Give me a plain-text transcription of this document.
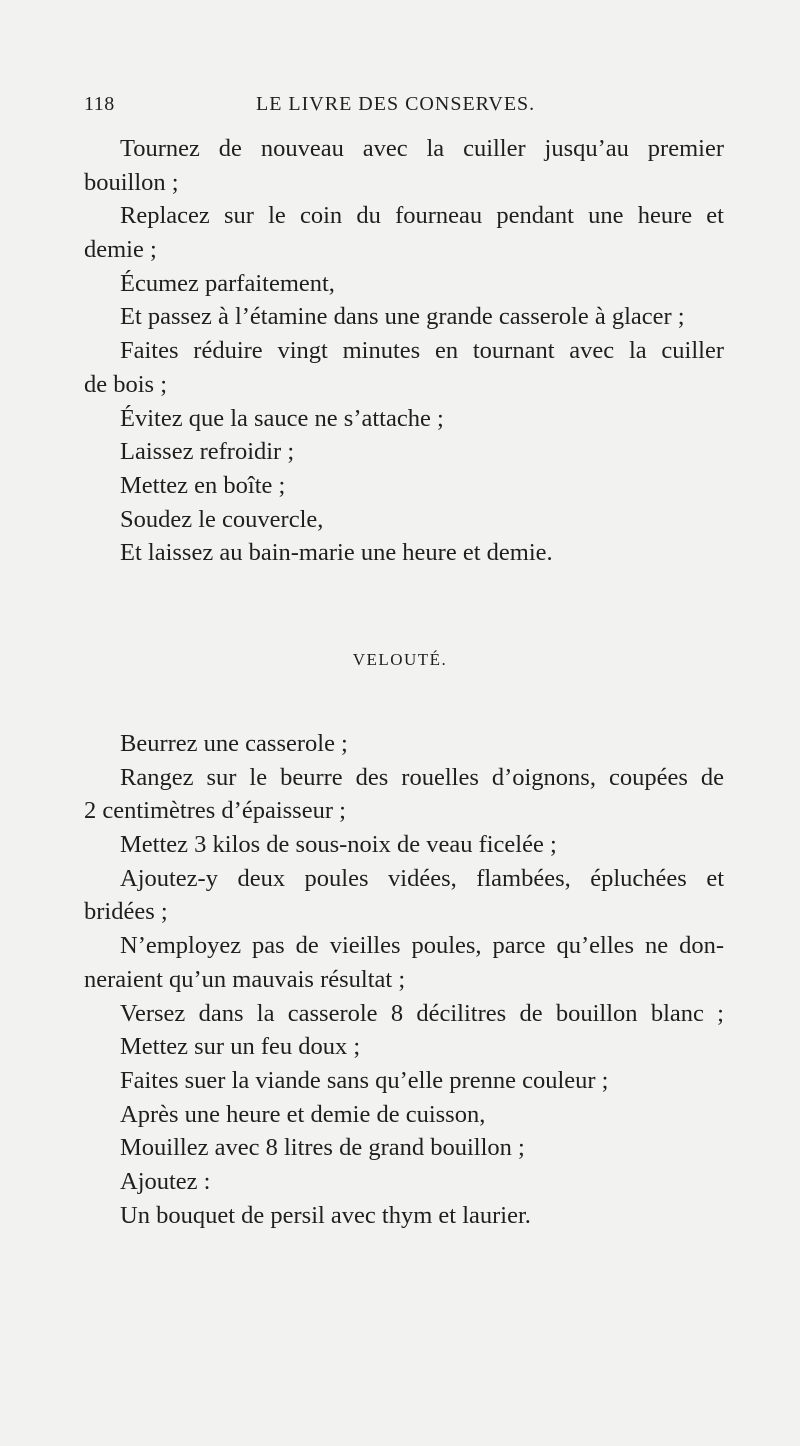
118	LE LIVRE DES CONSERVES.
Tournez de nouveau avec la cuiller jusqu’au premier
bouillon ;
Replacez sur le coin du fourneau pendant une heure et
demie ;
Écumez parfaitement,
Et passez à l’étamine dans une grande casserole à glacer ;
Faites réduire vingt minutes en tournant avec la cuiller
de bois ;
Évitez que la sauce ne s’attache ;
Laissez refroidir ;
Mettez en boîte ;
Soudez le couvercle,
Et laissez au bain-marie une heure et demie.
VELOUTÉ.
Beurrez une casserole ;
Rangez sur le beurre des rouelles d’oignons, coupées de
2 centimètres d’épaisseur ;
Mettez 3 kilos de sous-noix de veau ficelée ;
Ajoutez-y deux poules vidées, flambées, épluchées et
bridées ;
N’employez pas de vieilles poules, parce qu’elles ne don-
neraient qu’un mauvais résultat ;
Versez dans la casserole 8 décilitres de bouillon blanc ;
Mettez sur un feu doux ;
Faites suer la viande sans qu’elle prenne couleur ;
Après une heure et demie de cuisson,
Mouillez avec 8 litres de grand bouillon ;
Ajoutez :
Un bouquet de persil avec thym et laurier.
